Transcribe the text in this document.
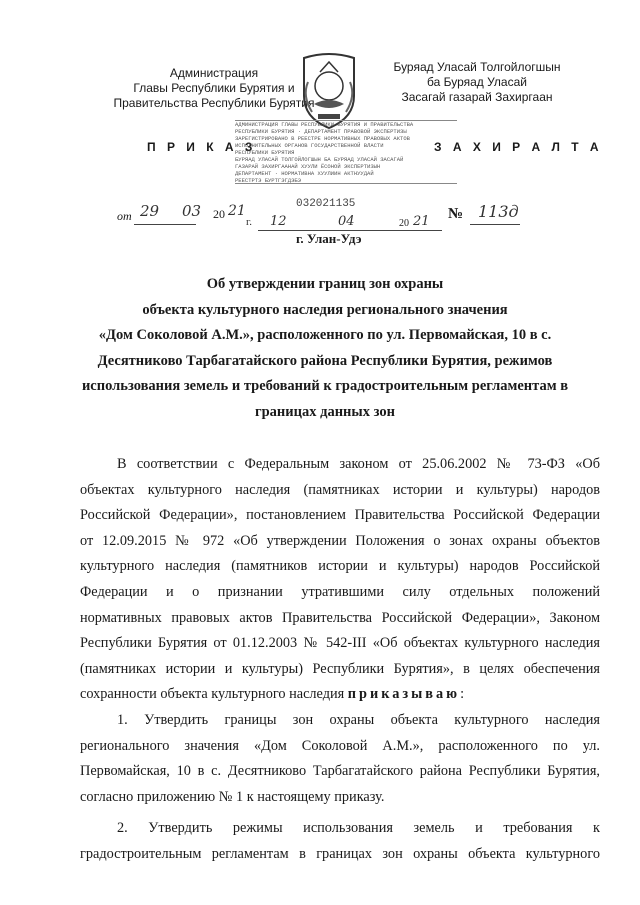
Администрация
Главы Республики Бурятия и
Правительства Республики Бурятия
Буряад Уласай Толгойлогшын
ба Буряад Уласай
Засагай газарай Захиргаан
П Р И К А З	З А Х И Р А Л Т А
АДМИНИСТРАЦИЯ ГЛАВЫ РЕСПУБЛИКИ БУРЯТИЯ И ПРАВИТЕЛЬСТВА
РЕСПУБЛИКИ БУРЯТИЯ · ДЕПАРТАМЕНТ ПРАВОВОЙ ЭКСПЕРТИЗЫ
ЗАРЕГИСТРИРОВАНО В РЕЕСТРЕ НОРМАТИВНЫХ ПРАВОВЫХ АКТОВ
ИСПОЛНИТЕЛЬНЫХ ОРГАНОВ ГОСУДАРСТВЕННОЙ ВЛАСТИ
РЕСПУБЛИКИ БУРЯТИЯ
БУРЯАД УЛАСАЙ ТОЛГОЙЛОГШЫН БА БУРЯАД УЛАСАЙ ЗАСАГАЙ
ГАЗАРАЙ ЗАХИРГААНАЙ ХУУЛИ ЁСОНОЙ ЭКСПЕРТИЗЫН
ДЕПАРТАМЕНТ · НОРМАТИВНА ХУУЛИИН АКТНУУДАЙ
РЕЕСТРТЭ БУРТГЭГДЭБЭ
от 29 03 20 21	032021135
г. 12	04	20 21 № 113д
г. Улан-Удэ
Об утверждении границ зон охраны
объекта культурного наследия регионального значения
«Дом Соколовой А.М.», расположенного по ул. Первомайская, 10 в с.
Десятниково Тарбагатайского района Республики Бурятия, режимов
использования земель и требований к градостроительным регламентам в
границах данных зон
В соответствии с Федеральным законом от 25.06.2002 № 73-ФЗ «Об
объектах культурного наследия (памятниках истории и культуры) народов
Российской Федерации», постановлением Правительства Российской Федерации
от 12.09.2015 № 972 «Об утверждении Положения о зонах охраны объектов
культурного наследия (памятников истории и культуры) народов Российской
Федерации и о признании утратившими силу отдельных положений
нормативных правовых актов Правительства Российской Федерации», Законом
Республики Бурятия от 01.12.2003 № 542-III «Об объектах культурного наследия
(памятниках истории и культуры) Республики Бурятия», в целях обеспечения
сохранности объекта культурного наследия приказываю:
1. Утвердить границы зон охраны объекта культурного наследия
регионального значения «Дом Соколовой А.М.», расположенного по ул.
Первомайская, 10 в с. Десятниково Тарбагатайского района Республики Бурятия,
согласно приложению № 1 к настоящему приказу.
2. Утвердить режимы использования земель и требования к
градостроительным регламентам в границах зон охраны объекта культурного
